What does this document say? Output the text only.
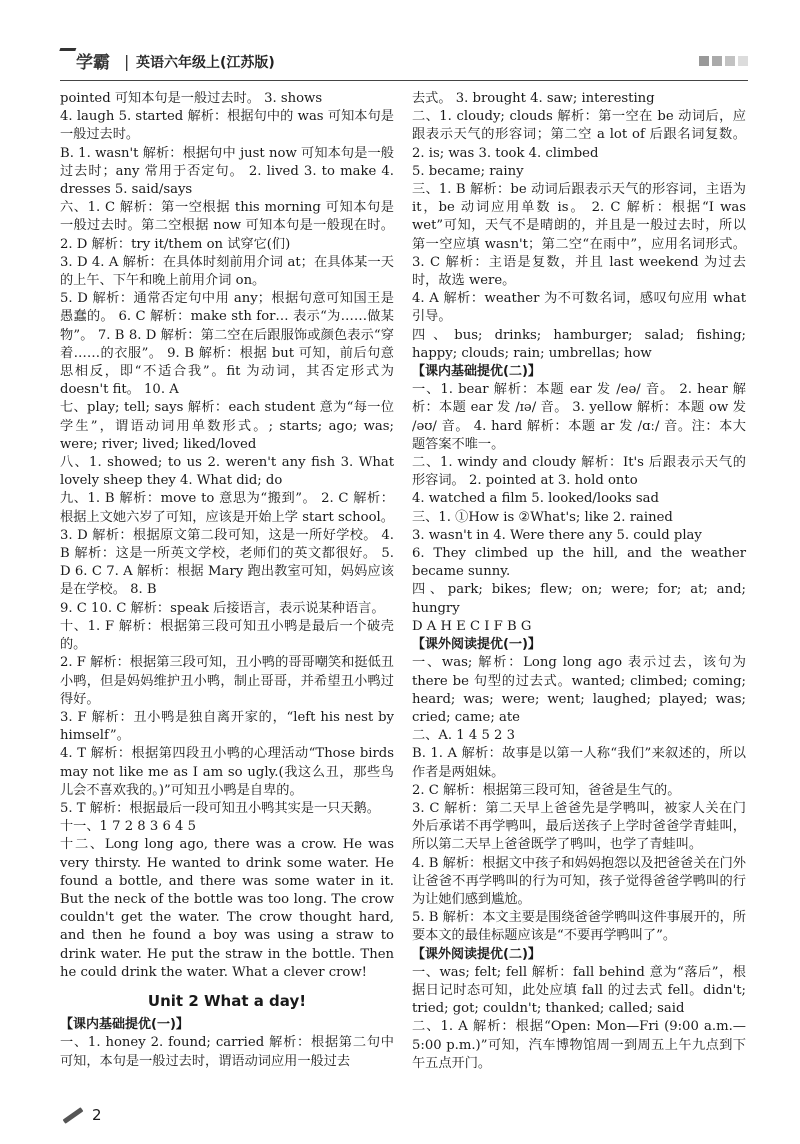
学霸 | 英语六年级上(江苏版)

pointed 可知本句是一般过去时。 3. shows

4. laugh 5. started 解析：根据句中的 was 可知本句是一般过去时。

B. 1. wasn't 解析：根据句中 just now 可知本句是一般过去时；any 常用于否定句。 2. lived 3. to make 4. dresses 5. said/says

六、1. C 解析：第一空根据 this morning 可知本句是一般过去时。第二空根据 now 可知本句是一般现在时。 2. D 解析：try it/them on 试穿它(们)

3. D 4. A 解析：在具体时刻前用介词 at；在具体某一天的上午、下午和晚上前用介词 on。

5. D 解析：通常否定句中用 any；根据句意可知国王是愚蠢的。 6. C 解析：make sth for… 表示“为……做某物”。 7. B 8. D 解析：第二空在后跟服饰或颜色表示“穿着……的衣服”。 9. B 解析：根据 but 可知，前后句意思相反，即“不适合我”。fit 为动词，其否定形式为 doesn't fit。 10. A

七、play; tell; says 解析：each student 意为“每一位学生”，谓语动词用单数形式。; starts; ago; was; were; river; lived; liked/loved

八、1. showed; to us 2. weren't any fish 3. What lovely sheep they 4. What did; do

九、1. B 解析：move to 意思为“搬到”。 2. C 解析：根据上文她六岁了可知，应该是开始上学 start school。 3. D 解析：根据原文第二段可知，这是一所好学校。 4. B 解析：这是一所英文学校，老师们的英文都很好。 5. D 6. C 7. A 解析：根据 Mary 跑出教室可知，妈妈应该是在学校。 8. B

9. C 10. C 解析：speak 后接语言，表示说某种语言。

十、1. F 解析：根据第三段可知丑小鸭是最后一个破壳的。

2. F 解析：根据第三段可知，丑小鸭的哥哥嘲笑和挺低丑小鸭，但是妈妈维护丑小鸭，制止哥哥，并希望丑小鸭过得好。

3. F 解析：丑小鸭是独自离开家的，“left his nest by himself”。

4. T 解析：根据第四段丑小鸭的心理活动“Those birds may not like me as I am so ugly.(我这么丑，那些鸟儿会不喜欢我的。)”可知丑小鸭是自卑的。

5. T 解析：根据最后一段可知丑小鸭其实是一只天鹅。

十一、1 7 2 8 3 6 4 5

十二、Long long ago, there was a crow. He was very thirsty. He wanted to drink some water. He found a bottle, and there was some water in it. But the neck of the bottle was too long. The crow couldn't get the water. The crow thought hard, and then he found a boy was using a straw to drink water. He put the straw in the bottle. Then he could drink the water. What a clever crow!

Unit 2 What a day!

【课内基础提优(一)】

一、1. honey 2. found; carried 解析：根据第二句中可知，本句是一般过去时，谓语动词应用一般过去

去式。 3. brought 4. saw; interesting

二、1. cloudy; clouds 解析：第一空在 be 动词后，应跟表示天气的形容词；第二空 a lot of 后跟名词复数。 2. is; was 3. took 4. climbed

5. became; rainy

三、1. B 解析：be 动词后跟表示天气的形容词，主语为 it，be 动词应用单数 is。 2. C 解析：根据“I was wet”可知，天气不是晴朗的，并且是一般过去时，所以第一空应填 wasn't；第二空“在雨中”，应用名词形式。 3. C 解析：主语是复数，并且 last weekend 为过去时，故选 were。

4. A 解析：weather 为不可数名词，感叹句应用 what 引导。

四、bus; drinks; hamburger; salad; fishing; happy; clouds; rain; umbrellas; how

【课内基础提优(二)】

一、1. bear 解析：本题 ear 发 /eə/ 音。 2. hear 解析：本题 ear 发 /ɪə/ 音。 3. yellow 解析：本题 ow 发 /əʊ/ 音。 4. hard 解析：本题 ar 发 /ɑː/ 音。注：本大题答案不唯一。

二、1. windy and cloudy 解析：It's 后跟表示天气的形容词。 2. pointed at 3. hold onto

4. watched a film 5. looked/looks sad

三、1. ①How is ②What's; like 2. rained

3. wasn't in 4. Were there any 5. could play

6. They climbed up the hill, and the weather became sunny.

四、park; bikes; flew; on; were; for; at; and; hungry

D A H E C I F B G

【课外阅读提优(一)】

一、was; 解析：Long long ago 表示过去，该句为 there be 句型的过去式。wanted; climbed; coming; heard; was; were; went; laughed; played; was; cried; came; ate

二、A. 1 4 5 2 3

B. 1. A 解析：故事是以第一人称“我们”来叙述的，所以作者是两姐妹。

2. C 解析：根据第三段可知，爸爸是生气的。

3. C 解析：第二天早上爸爸先是学鸭叫，被家人关在门外后承诺不再学鸭叫，最后送孩子上学时爸爸学青蛙叫，所以第二天早上爸爸既学了鸭叫，也学了青蛙叫。

4. B 解析：根据文中孩子和妈妈抱怨以及把爸爸关在门外让爸爸不再学鸭叫的行为可知，孩子觉得爸爸学鸭叫的行为让她们感到尴尬。

5. B 解析：本文主要是围绕爸爸学鸭叫这件事展开的，所要本文的最佳标题应该是“不要再学鸭叫了”。

【课外阅读提优(二)】

一、was; felt; fell 解析：fall behind 意为“落后”，根据日记时态可知，此处应填 fall 的过去式 fell。didn't; tried; got; couldn't; thanked; called; said

二、1. A 解析：根据“Open: Mon—Fri (9:00 a.m.—5:00 p.m.)”可知，汽车博物馆周一到周五上午九点到下午五点开门。

2
